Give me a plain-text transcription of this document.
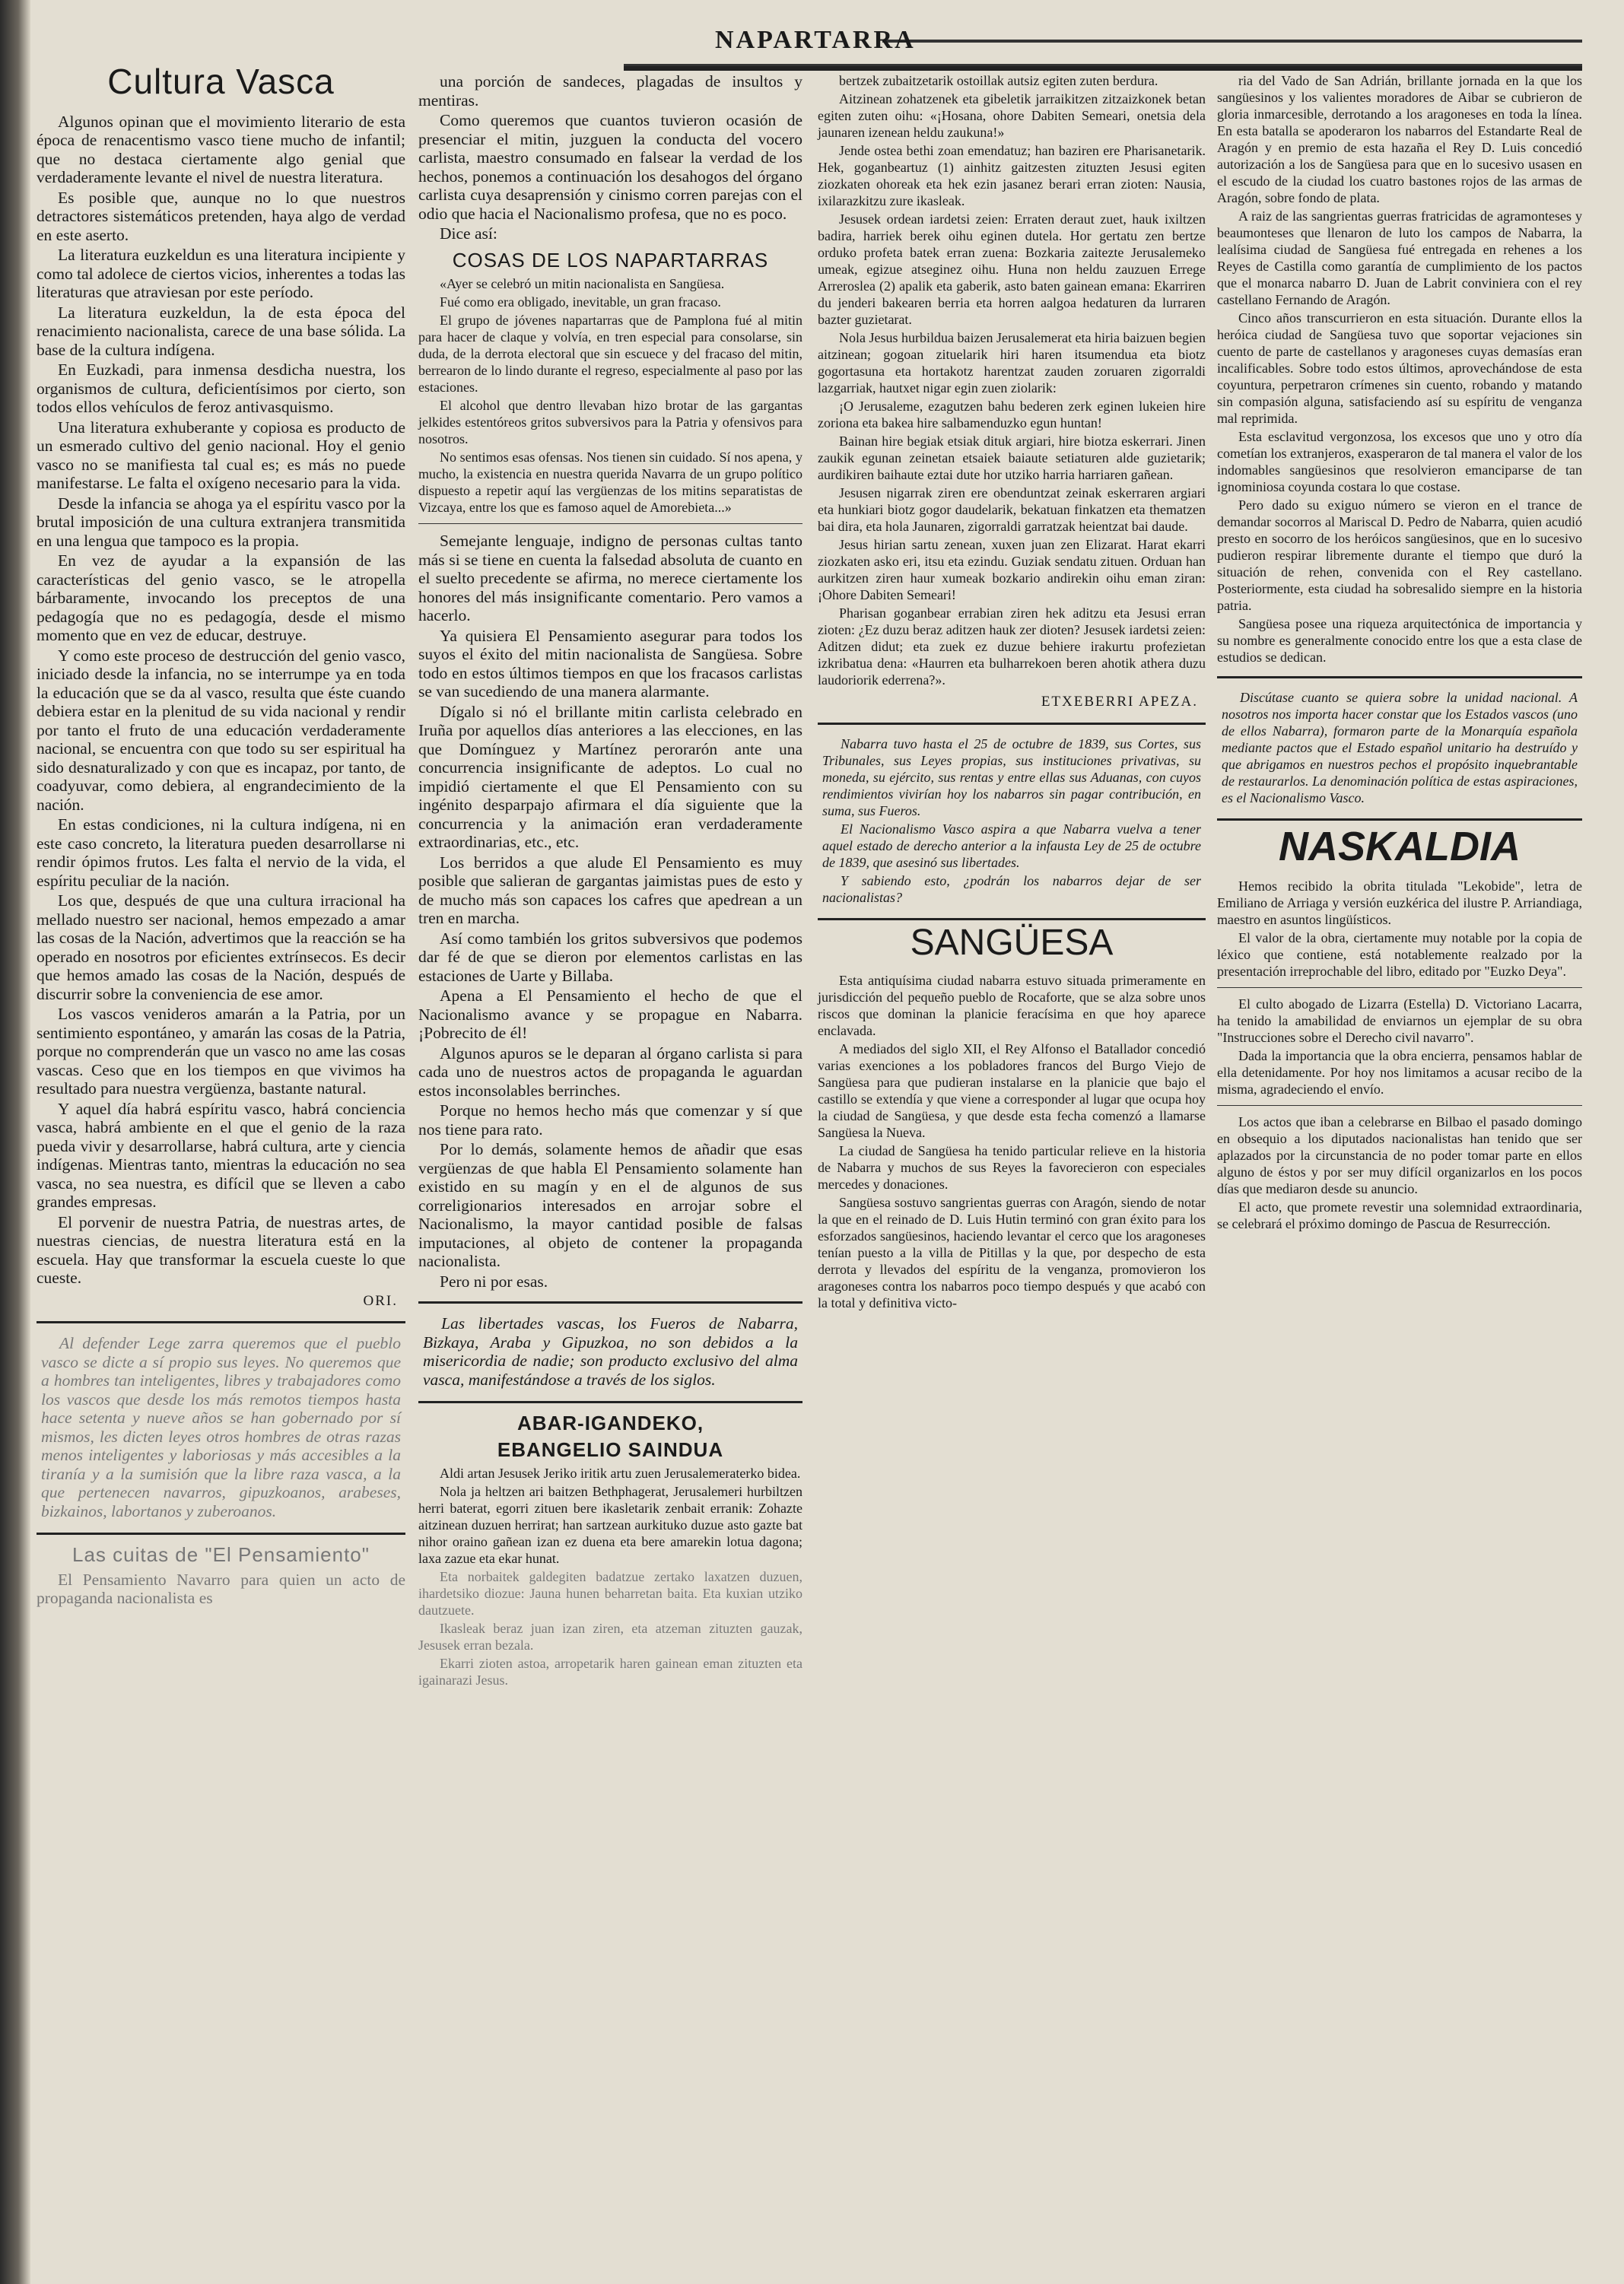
NAPARTARRA
Cultura Vasca

Algunos opinan que el movimiento literario de esta época de renacentismo vasco tiene mucho de infantil; que no destaca ciertamente algo genial que verdaderamente levante el nivel de nuestra literatura.

Es posible que, aunque no lo que nuestros detractores sistemáticos pretenden, haya algo de verdad en este aserto.

La literatura euzkeldun es una literatura incipiente y como tal adolece de ciertos vicios, inherentes a todas las literaturas que atraviesan por este período.

La literatura euzkeldun, la de esta época del renacimiento nacionalista, carece de una base sólida. La base de la cultura indígena.

En Euzkadi, para inmensa desdicha nuestra, los organismos de cultura, deficientísimos por cierto, son todos ellos vehículos de feroz antivasquismo.

Una literatura exhuberante y copiosa es producto de un esmerado cultivo del genio nacional. Hoy el genio vasco no se manifiesta tal cual es; es más no puede manifestarse. Le falta el oxígeno necesario para la vida.

Desde la infancia se ahoga ya el espíritu vasco por la brutal imposición de una cultura extranjera transmitida en una lengua que tampoco es la propia.

En vez de ayudar a la expansión de las características del genio vasco, se le atropella bárbaramente, invocando los preceptos de una pedagogía que no es pedagogía, desde el mismo momento que en vez de educar, destruye.

Y como este proceso de destrucción del genio vasco, iniciado desde la infancia, no se interrumpe ya en toda la educación que se da al vasco, resulta que éste cuando debiera estar en la plenitud de su vida nacional y rendir por tanto el fruto de una educación verdaderamente nacional, se encuentra con que todo su ser espiritual ha sido desnaturalizado y con que es incapaz, por tanto, de coadyuvar, como debiera, al engrandecimiento de la nación.

En estas condiciones, ni la cultura indígena, ni en este caso concreto, la literatura pueden desarrollarse ni rendir ópimos frutos. Les falta el nervio de la vida, el espíritu peculiar de la nación.

Los que, después de que una cultura irracional ha mellado nuestro ser nacional, hemos empezado a amar las cosas de la Nación, advertimos que la reacción se ha operado en nosotros por eficientes extrínsecos. Es decir que hemos amado las cosas de la Nación, después de discurrir sobre la conveniencia de ese amor.

Los vascos venideros amarán a la Patria, por un sentimiento espontáneo, y amarán las cosas de la Patria, porque no comprenderán que un vasco no ame las cosas vascas. Ceso que en los tiempos en que vivimos ha resultado para nuestra vergüenza, bastante natural.

Y aquel día habrá espíritu vasco, habrá conciencia vasca, habrá ambiente en el que el genio de la raza pueda vivir y desarrollarse, habrá cultura, arte y ciencia indígenas. Mientras tanto, mientras la educación no sea vasca, no sea nuestra, es difícil que se lleven a cabo grandes empresas.

El porvenir de nuestra Patria, de nuestras artes, de nuestras ciencias, de nuestra literatura está en la escuela. Hay que transformar la escuela cueste lo que cueste.

ORI.

Al defender Lege zarra queremos que el pueblo vasco se dicte a sí propio sus leyes. No queremos que a hombres tan inteligentes, libres y trabajadores como los vascos que desde los más remotos tiempos hasta hace setenta y nueve años se han gobernado por sí mismos, les dicten leyes otros hombres de otras razas menos inteligentes y laboriosas y más accesibles a la tiranía y a la sumisión que la libre raza vasca, a la que pertenecen navarros, gipuzkoanos, arabeses, bizkainos, labortanos y zuberoanos.

Las cuitas de "El Pensamiento"

El Pensamiento Navarro para quien un acto de propaganda nacionalista es

una porción de sandeces, plagadas de insultos y mentiras.

Como queremos que cuantos tuvieron ocasión de presenciar el mitin, juzguen la conducta del vocero carlista, maestro consumado en falsear la verdad de los hechos, ponemos a continuación los desahogos del órgano carlista cuya desaprensión y cinismo corren parejas con el odio que hacia el Nacionalismo profesa, que no es poco.

Dice así:

COSAS DE LOS NAPARTARRAS

«Ayer se celebró un mitin nacionalista en Sangüesa.

Fué como era obligado, inevitable, un gran fracaso.

El grupo de jóvenes napartarras que de Pamplona fué al mitin para hacer de claque y volvía, en tren especial para consolarse, sin duda, de la derrota electoral que sin escuece y del fracaso del mitin, berrearon de lo lindo durante el regreso, especialmente al paso por las estaciones.

El alcohol que dentro llevaban hizo brotar de las gargantas jelkides estentóreos gritos subversivos para la Patria y ofensivos para nosotros.

No sentimos esas ofensas. Nos tienen sin cuidado. Sí nos apena, y mucho, la existencia en nuestra querida Navarra de un grupo político dispuesto a repetir aquí las vergüenzas de los mitins separatistas de Vizcaya, entre los que es famoso aquel de Amorebieta...»

Semejante lenguaje, indigno de personas cultas tanto más si se tiene en cuenta la falsedad absoluta de cuanto en el suelto precedente se afirma, no merece ciertamente los honores del más insignificante comentario. Pero vamos a hacerlo.

Ya quisiera El Pensamiento asegurar para todos los suyos el éxito del mitin nacionalista de Sangüesa. Sobre todo en estos últimos tiempos en que los fracasos carlistas se van sucediendo de una manera alarmante.

Dígalo si nó el brillante mitin carlista celebrado en Iruña por aquellos días anteriores a las elecciones, en las que Domínguez y Martínez perorarón ante una concurrencia insignificante de adeptos. Lo cual no impidió ciertamente el que El Pensamiento con su ingénito desparpajo afirmara el día siguiente que la concurrencia y la animación eran verdaderamente extraordinarias, etc., etc.

Los berridos a que alude El Pensamiento es muy posible que salieran de gargantas jaimistas pues de esto y de mucho más son capaces los cafres que apedrean a un tren en marcha.

Así como también los gritos subversivos que podemos dar fé de que se dieron por elementos carlistas en las estaciones de Uarte y Billaba.

Apena a El Pensamiento el hecho de que el Nacionalismo avance y se propague en Nabarra. ¡Pobrecito de él!

Algunos apuros se le deparan al órgano carlista si para cada uno de nuestros actos de propaganda le aguardan estos inconsolables berrinches.

Porque no hemos hecho más que comenzar y sí que nos tiene para rato.

Por lo demás, solamente hemos de añadir que esas vergüenzas de que habla El Pensamiento solamente han existido en su magín y en el de algunos de sus correligionarios interesados en arrojar sobre el Nacionalismo, la mayor cantidad posible de falsas imputaciones, al objeto de contener la propaganda nacionalista.

Pero ni por esas.

Las libertades vascas, los Fueros de Nabarra, Bizkaya, Araba y Gipuzkoa, no son debidos a la misericordia de nadie; son producto exclusivo del alma vasca, manifestándose a través de los siglos.

ABAR-IGANDEKO,
EBANGELIO SAINDUA

Aldi artan Jesusek Jeriko iritik artu zuen Jerusalemeraterko bidea.

Nola ja heltzen ari baitzen Bethphagerat, Jerusalemeri hurbiltzen herri baterat, egorri zituen bere ikasletarik zenbait erranik: Zohazte aitzinean duzuen herrirat; han sartzean aurkituko duzue asto gazte bat nihor oraino gañean izan ez duena eta bere amarekin lotua dagona; laxa zazue eta ekar hunat.

Eta norbaitek galdegiten badatzue zertako laxatzen duzuen, ihardetsiko diozue: Jauna hunen beharretan baita. Eta kuxian utziko dautzuete.

Ikasleak beraz juan izan ziren, eta atzeman zituzten gauzak, Jesusek erran bezala.

Ekarri zioten astoa, arropetarik haren gainean eman zituzten eta igainarazi Jesus.

bertzek zubaitzetarik ostoillak autsiz egiten zuten berdura.

Aitzinean zohatzenek eta gibeletik jarraikitzen zitzaizkonek betan egiten zuten oihu: «¡Hosana, ohore Dabiten Semeari, onetsia dela jaunaren izenean heldu zaukuna!»

Jende ostea bethi zoan emendatuz; han baziren ere Pharisanetarik. Hek, goganbeartuz (1) ainhitz gaitzesten zituzten Jesusi egiten ziozkaten ohoreak eta hek ezin jasanez berari erran zioten: Nausia, ixilarazkitzu zure ikasleak.

Jesusek ordean iardetsi zeien: Erraten deraut zuet, hauk ixiltzen badira, harriek berek oihu eginen dutela. Hor gertatu zen bertze orduko profeta batek erran zuena: Bozkaria zaitezte Jerusalemeko umeak, egizue atseginez oihu. Huna non heldu zauzuen Errege Arreroslea (2) apalik eta gaberik, asto baten gainean emana: Ekarriren du jenderi bakearen berria eta horren aalgoa hedaturen da lurraren bazter guzietarat.

Nola Jesus hurbildua baizen Jerusalemerat eta hiria baizuen begien aitzinean; gogoan zituelarik hiri haren itsumendua eta biotz gogortasuna eta hortakotz harentzat zauden zoruaren zigorraldi lazgarriak, hautxet nigar egin zuen ziolarik:

¡O Jerusaleme, ezagutzen bahu bederen zerk eginen lukeien hire zoriona eta bakea hire salbamenduzko egun huntan!

Bainan hire begiak etsiak dituk argiari, hire biotza eskerrari. Jinen zaukik egunan zeinetan etsaiek baiaute setiaturen alde guzietarik; aurdikiren baihaute eztai dute hor utziko harria harriaren gañean.

Jesusen nigarrak ziren ere obenduntzat zeinak eskerraren argiari eta hunkiari biotz gogor daudelarik, bekatuan finkatzen eta thematzen bai dira, eta hola Jaunaren, zigorraldi garratzak heientzat bai daude.

Jesus hirian sartu zenean, xuxen juan zen Elizarat. Harat ekarri ziozkaten asko eri, itsu eta ezindu. Guziak sendatu zituen. Orduan han aurkitzen ziren haur xumeak bozkario andirekin oihu eman ziran: ¡Ohore Dabiten Semeari!

Pharisan goganbear errabian ziren hek aditzu eta Jesusi erran zioten: ¿Ez duzu beraz aditzen hauk zer dioten? Jesusek iardetsi zeien: Aditzen didut; eta zuek ez duzue behiere irakurtu profezietan izkribatua dena: «Haurren eta bulharrekoen beren ahotik athera duzu laudoriorik ederrena?».

ETXEBERRI APEZA.

Nabarra tuvo hasta el 25 de octubre de 1839, sus Cortes, sus Tribunales, sus Leyes propias, sus instituciones privativas, su moneda, su ejército, sus rentas y entre ellas sus Aduanas, con cuyos rendimientos vivirían hoy los nabarros sin pagar contribución, en suma, sus Fueros.

El Nacionalismo Vasco aspira a que Nabarra vuelva a tener aquel estado de derecho anterior a la infausta Ley de 25 de octubre de 1839, que asesinó sus libertades.

Y sabiendo esto, ¿podrán los nabarros dejar de ser nacionalistas?

SANGÜESA

Esta antiquísima ciudad nabarra estuvo situada primeramente en jurisdicción del pequeño pueblo de Rocaforte, que se alza sobre unos riscos que dominan la planicie feracísima en que hoy aparece enclavada.

A mediados del siglo XII, el Rey Alfonso el Batallador concedió varias exenciones a los pobladores francos del Burgo Viejo de Sangüesa para que pudieran instalarse en la planicie que bajo el castillo se extendía y que viene a corresponder al lugar que ocupa hoy la ciudad de Sangüesa, y que desde esta fecha comenzó a llamarse Sangüesa la Nueva.

La ciudad de Sangüesa ha tenido particular relieve en la historia de Nabarra y muchos de sus Reyes la favorecieron con especiales mercedes y donaciones.

Sangüesa sostuvo sangrientas guerras con Aragón, siendo de notar la que en el reinado de D. Luis Hutin terminó con gran éxito para los esforzados sangüesinos, haciendo levantar el cerco que los aragoneses tenían puesto a la villa de Pitillas y la que, por despecho de esta derrota y llevados del espíritu de la venganza, promovieron los aragoneses contra los nabarros poco tiempo después y que acabó con la total y definitiva victo-

ria del Vado de San Adrián, brillante jornada en la que los sangüesinos y los valientes moradores de Aibar se cubrieron de gloria inmarcesible, derrotando a los aragoneses en toda la línea. En esta batalla se apoderaron los nabarros del Estandarte Real de Aragón y en premio de esta hazaña el Rey D. Luis concedió autorización a los de Sangüesa para que en lo sucesivo usasen en el escudo de la ciudad los cuatro bastones rojos de las armas de Aragón, sobre fondo de plata.

A raiz de las sangrientas guerras fratricidas de agramonteses y beaumonteses que llenaron de luto los campos de Nabarra, la lealísima ciudad de Sangüesa fué entregada en rehenes a los Reyes de Castilla como garantía de cumplimiento de los pactos que el monarca nabarro D. Juan de Labrit conviniera con el rey castellano Fernando de Aragón.

Cinco años transcurrieron en esta situación. Durante ellos la heróica ciudad de Sangüesa tuvo que soportar vejaciones sin cuento de parte de castellanos y aragoneses cuyas demasías eran incalificables. Sobre todo estos últimos, aprovechándose de esta coyuntura, perpetraron crímenes sin cuento, robando y matando sin compasión alguna, satisfaciendo así su espíritu de venganza mal reprimida.

Esta esclavitud vergonzosa, los excesos que uno y otro día cometían los extranjeros, exasperaron de tal manera el valor de los indomables sangüesinos que resolvieron emanciparse de tan ignominiosa coyunda costara lo que costase.

Pero dado su exiguo número se vieron en el trance de demandar socorros al Mariscal D. Pedro de Nabarra, quien acudió presto en socorro de los heróicos sangüesinos, que en lo sucesivo pudieron respirar libremente durante el tiempo que duró la situación de rehen, convenida con el Rey castellano. Posteriormente, esta ciudad ha sobresalido siempre en la historia patria.

Sangüesa posee una riqueza arquitectónica de importancia y su nombre es generalmente conocido entre los que a esta clase de estudios se dedican.

Discútase cuanto se quiera sobre la unidad nacional. A nosotros nos importa hacer constar que los Estados vascos (uno de ellos Nabarra), formaron parte de la Monarquía española mediante pactos que el Estado español unitario ha destruído y que abrigamos en nuestros pechos el propósito inquebrantable de restaurarlos. La denominación política de estas aspiraciones, es el Nacionalismo Vasco.

NASKALDIA

Hemos recibido la obrita titulada "Lekobide", letra de Emiliano de Arriaga y versión euzkérica del ilustre P. Arriandiaga, maestro en asuntos lingüísticos.

El valor de la obra, ciertamente muy notable por la copia de léxico que contiene, está notablemente realzado por la presentación irreprochable del libro, editado por "Euzko Deya".

El culto abogado de Lizarra (Estella) D. Victoriano Lacarra, ha tenido la amabilidad de enviarnos un ejemplar de su obra "Instrucciones sobre el Derecho civil navarro".

Dada la importancia que la obra encierra, pensamos hablar de ella detenidamente. Por hoy nos limitamos a acusar recibo de la misma, agradeciendo el envío.

Los actos que iban a celebrarse en Bilbao el pasado domingo en obsequio a los diputados nacionalistas han tenido que ser aplazados por la circunstancia de no poder tomar parte en ellos alguno de éstos y por ser muy difícil organizarlos en los pocos días que mediaron desde su anuncio.

El acto, que promete revestir una solemnidad extraordinaria, se celebrará el próximo domingo de Pascua de Resurrección.
